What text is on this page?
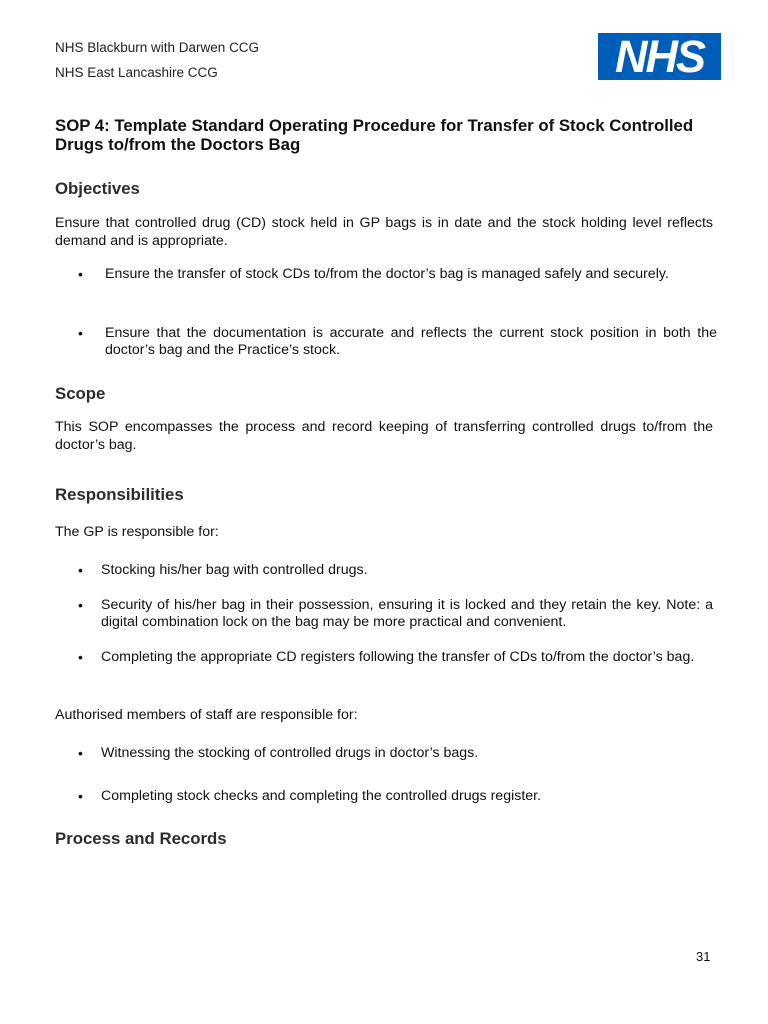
NHS Blackburn with Darwen CCG
NHS East Lancashire CCG	NHS
SOP 4: Template Standard Operating Procedure for Transfer of Stock Controlled Drugs to/from the Doctors Bag
Objectives
Ensure that controlled drug (CD) stock held in GP bags is in date and the stock holding level reflects demand and is appropriate.
• Ensure the transfer of stock CDs to/from the doctor’s bag is managed safely and securely.
• Ensure that the documentation is accurate and reflects the current stock position in both the doctor’s bag and the Practice’s stock.
Scope
This SOP encompasses the process and record keeping of transferring controlled drugs to/from the doctor’s bag.
Responsibilities
The GP is responsible for:
• Stocking his/her bag with controlled drugs.
• Security of his/her bag in their possession, ensuring it is locked and they retain the key. Note: a digital combination lock on the bag may be more practical and convenient.
• Completing the appropriate CD registers following the transfer of CDs to/from the doctor’s bag.
Authorised members of staff are responsible for:
• Witnessing the stocking of controlled drugs in doctor’s bags.
• Completing stock checks and completing the controlled drugs register.
Process and Records
31
